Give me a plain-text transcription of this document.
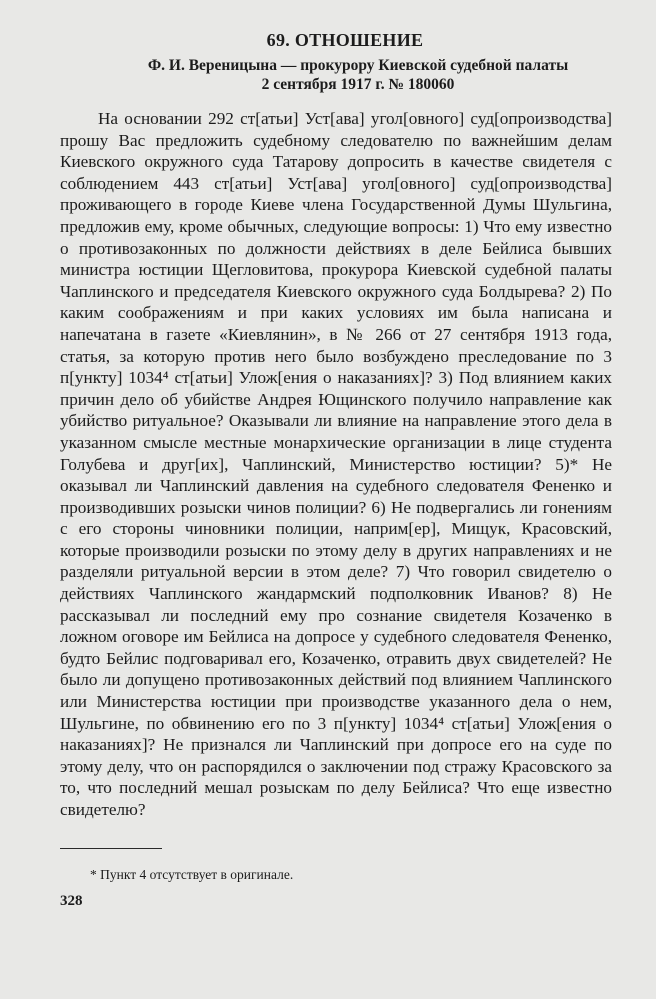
69. ОТНОШЕНИЕ
Ф. И. Вереницына — прокурору Киевской судебной палаты
2 сентября 1917 г. № 180060
На основании 292 ст[атьи] Уст[ава] угол[овного] суд[опроизводства] прошу Вас предложить судебному следователю по важнейшим делам Киевского окружного суда Татарову допросить в качестве свидетеля с соблюдением 443 ст[атьи] Уст[ава] угол[овного] суд[опроизводства] проживающего в городе Киеве члена Государственной Думы Шульгина, предложив ему, кроме обычных, следующие вопросы: 1) Что ему известно о противозаконных по должности действиях в деле Бейлиса бывших министра юстиции Щегловитова, прокурора Киевской судебной палаты Чаплинского и председателя Киевского окружного суда Болдырева? 2) По каким соображениям и при каких условиях им была написана и напечатана в газете «Киевлянин», в № 266 от 27 сентября 1913 года, статья, за которую против него было возбуждено преследование по 3 п[ункту] 1034⁴ ст[атьи] Улож[ения о наказаниях]? 3) Под влиянием каких причин дело об убийстве Андрея Ющинского получило направление как убийство ритуальное? Оказывали ли влияние на направление этого дела в указанном смысле местные монархические организации в лице студента Голубева и друг[их], Чаплинский, Министерство юстиции? 5)* Не оказывал ли Чаплинский давления на судебного следователя Фененко и производивших розыски чинов полиции? 6) Не подвергались ли гонениям с его стороны чиновники полиции, наприм[ер], Мищук, Красовский, которые производили розыски по этому делу в других направлениях и не разделяли ритуальной версии в этом деле? 7) Что говорил свидетелю о действиях Чаплинского жандармский подполковник Иванов? 8) Не рассказывал ли последний ему про сознание свидетеля Козаченко в ложном оговоре им Бейлиса на допросе у судебного следователя Фененко, будто Бейлис подговаривал его, Козаченко, отравить двух свидетелей? Не было ли допущено противозаконных действий под влиянием Чаплинского или Министерства юстиции при производстве указанного дела о нем, Шульгине, по обвинению его по 3 п[ункту] 1034⁴ ст[атьи] Улож[ения о наказаниях]? Не признался ли Чаплинский при допросе его на суде по этому делу, что он распорядился о заключении под стражу Красовского за то, что последний мешал розыскам по делу Бейлиса? Что еще известно свидетелю?
* Пункт 4 отсутствует в оригинале.
328
